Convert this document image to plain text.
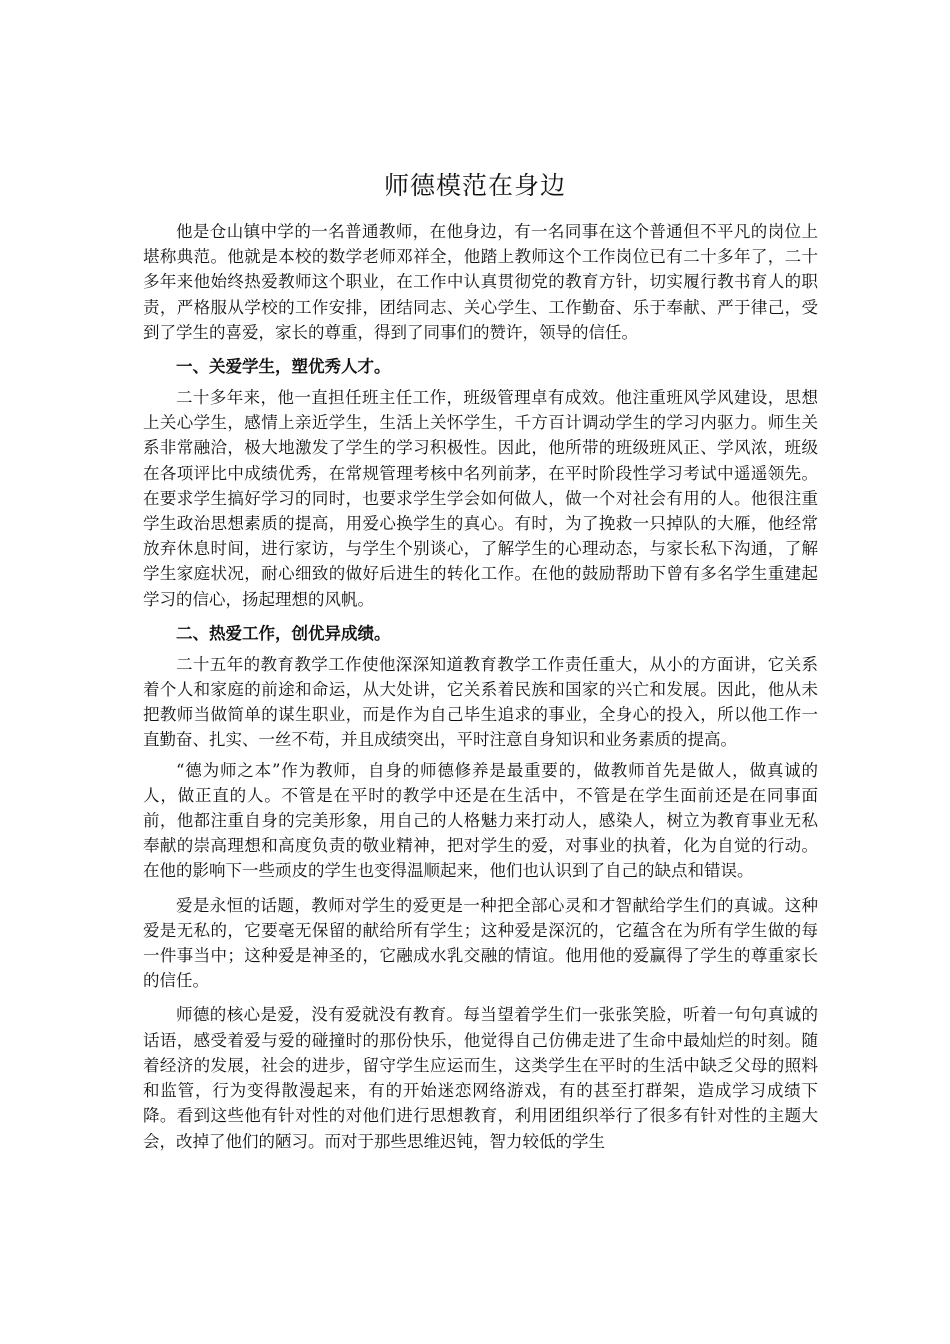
师德模范在身边

他是仓山镇中学的一名普通教师，在他身边，有一名同事在这个普通但不平凡的岗位上堪称典范。他就是本校的数学老师邓祥全，他踏上教师这个工作岗位已有二十多年了，二十多年来他始终热爱教师这个职业，在工作中认真贯彻党的教育方针，切实履行教书育人的职责，严格服从学校的工作安排，团结同志、关心学生、工作勤奋、乐于奉献、严于律己，受到了学生的喜爱，家长的尊重，得到了同事们的赞许，领导的信任。

一、关爱学生，塑优秀人才。

二十多年来，他一直担任班主任工作，班级管理卓有成效。他注重班风学风建设，思想上关心学生，感情上亲近学生，生活上关怀学生，千方百计调动学生的学习内驱力。师生关系非常融洽，极大地激发了学生的学习积极性。因此，他所带的班级班风正、学风浓，班级在各项评比中成绩优秀，在常规管理考核中名列前茅，在平时阶段性学习考试中遥遥领先。在要求学生搞好学习的同时，也要求学生学会如何做人，做一个对社会有用的人。他很注重学生政治思想素质的提高，用爱心换学生的真心。有时，为了挽救一只掉队的大雁，他经常放弃休息时间，进行家访，与学生个别谈心，了解学生的心理动态，与家长私下沟通，了解学生家庭状况，耐心细致的做好后进生的转化工作。在他的鼓励帮助下曾有多名学生重建起学习的信心，扬起理想的风帆。

二、热爱工作，创优异成绩。

二十五年的教育教学工作使他深深知道教育教学工作责任重大，从小的方面讲，它关系着个人和家庭的前途和命运，从大处讲，它关系着民族和国家的兴亡和发展。因此，他从未把教师当做简单的谋生职业，而是作为自己毕生追求的事业，全身心的投入，所以他工作一直勤奋、扎实、一丝不苟，并且成绩突出，平时注意自身知识和业务素质的提高。

“德为师之本”作为教师，自身的师德修养是最重要的，做教师首先是做人，做真诚的人，做正直的人。不管是在平时的教学中还是在生活中，不管是在学生面前还是在同事面前，他都注重自身的完美形象，用自己的人格魅力来打动人，感染人，树立为教育事业无私奉献的崇高理想和高度负责的敬业精神，把对学生的爱，对事业的执着，化为自觉的行动。在他的影响下一些顽皮的学生也变得温顺起来，他们也认识到了自己的缺点和错误。

爱是永恒的话题，教师对学生的爱更是一种把全部心灵和才智献给学生们的真诚。这种爱是无私的，它要毫无保留的献给所有学生；这种爱是深沉的，它蕴含在为所有学生做的每一件事当中；这种爱是神圣的，它融成水乳交融的情谊。他用他的爱赢得了学生的尊重家长的信任。

师德的核心是爱，没有爱就没有教育。每当望着学生们一张张笑脸，听着一句句真诚的话语，感受着爱与爱的碰撞时的那份快乐，他觉得自己仿佛走进了生命中最灿烂的时刻。随着经济的发展，社会的进步，留守学生应运而生，这类学生在平时的生活中缺乏父母的照料和监管，行为变得散漫起来，有的开始迷恋网络游戏，有的甚至打群架，造成学习成绩下降。看到这些他有针对性的对他们进行思想教育，利用团组织举行了很多有针对性的主题大会，改掉了他们的陋习。而对于那些思维迟钝，智力较低的学生
